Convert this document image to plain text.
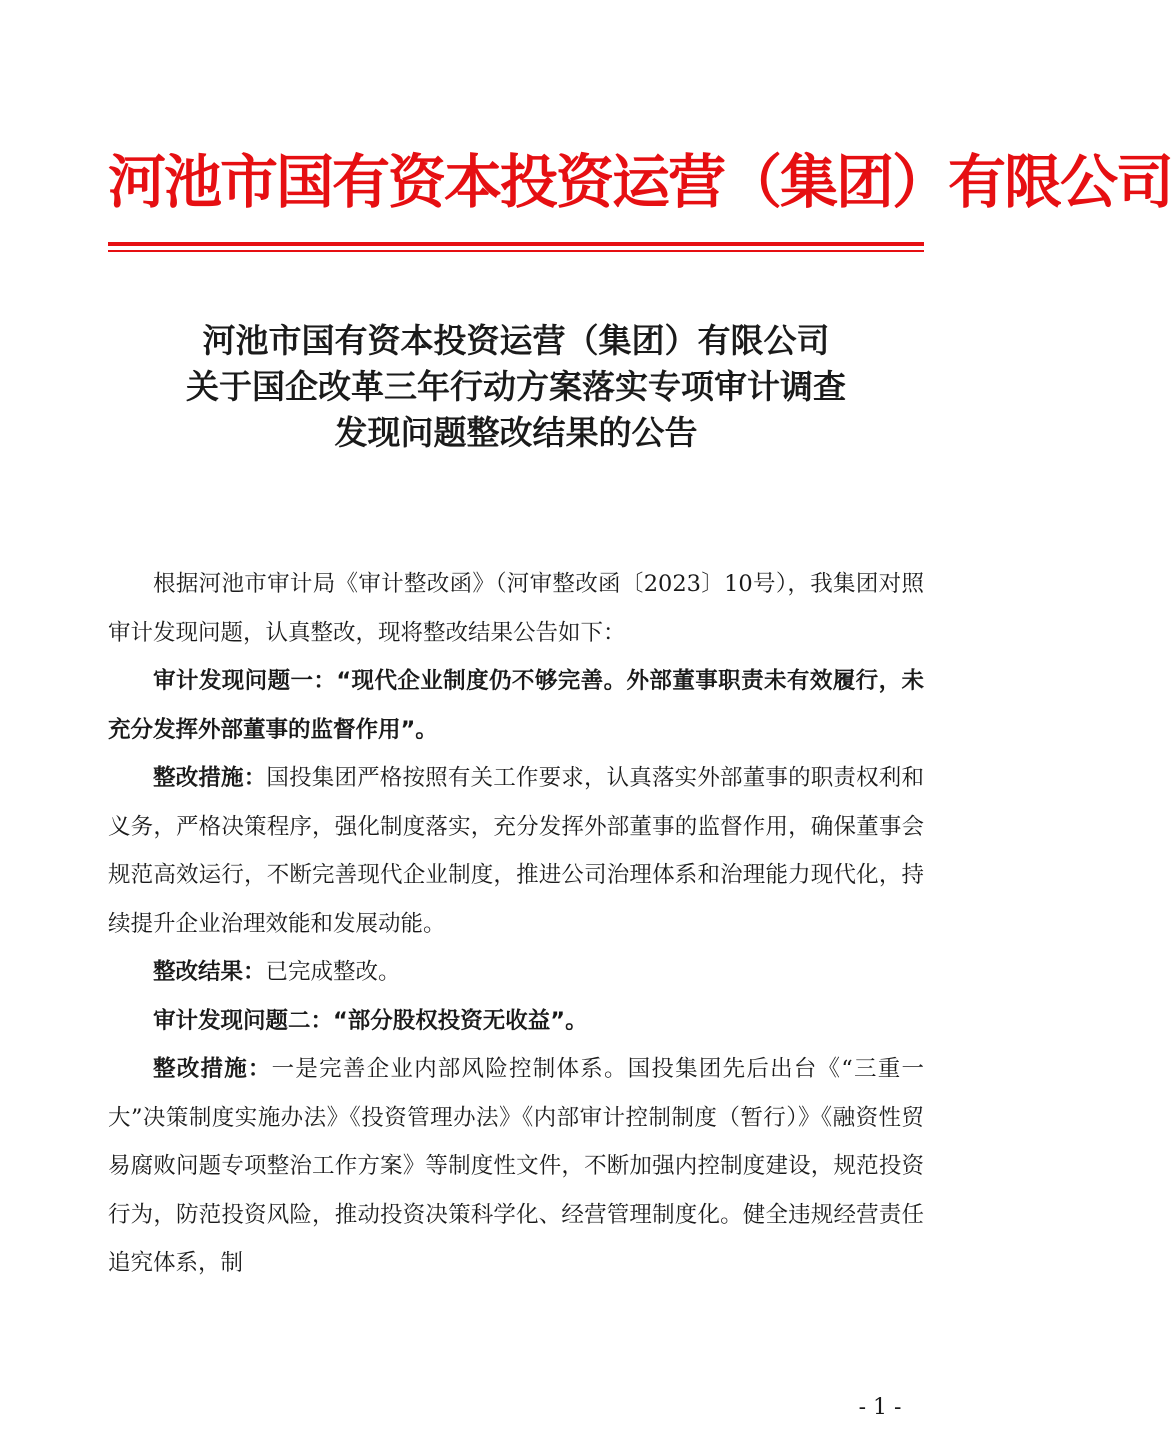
河池市国有资本投资运营（集团）有限公司
河池市国有资本投资运营（集团）有限公司
关于国企改革三年行动方案落实专项审计调查
发现问题整改结果的公告

根据河池市审计局《审计整改函》（河审整改函〔2023〕10号），我集团对照审计发现问题，认真整改，现将整改结果公告如下：

审计发现问题一：“现代企业制度仍不够完善。外部董事职责未有效履行，未充分发挥外部董事的监督作用”。

整改措施：国投集团严格按照有关工作要求，认真落实外部董事的职责权利和义务，严格决策程序，强化制度落实，充分发挥外部董事的监督作用，确保董事会规范高效运行，不断完善现代企业制度，推进公司治理体系和治理能力现代化，持续提升企业治理效能和发展动能。

整改结果：已完成整改。

审计发现问题二：“部分股权投资无收益”。

整改措施：一是完善企业内部风险控制体系。国投集团先后出台《“三重一大”决策制度实施办法》《投资管理办法》《内部审计控制制度（暂行）》《融资性贸易腐败问题专项整治工作方案》等制度性文件，不断加强内控制度建设，规范投资行为，防范投资风险，推动投资决策科学化、经营管理制度化。健全违规经营责任追究体系，制

- 1 -
